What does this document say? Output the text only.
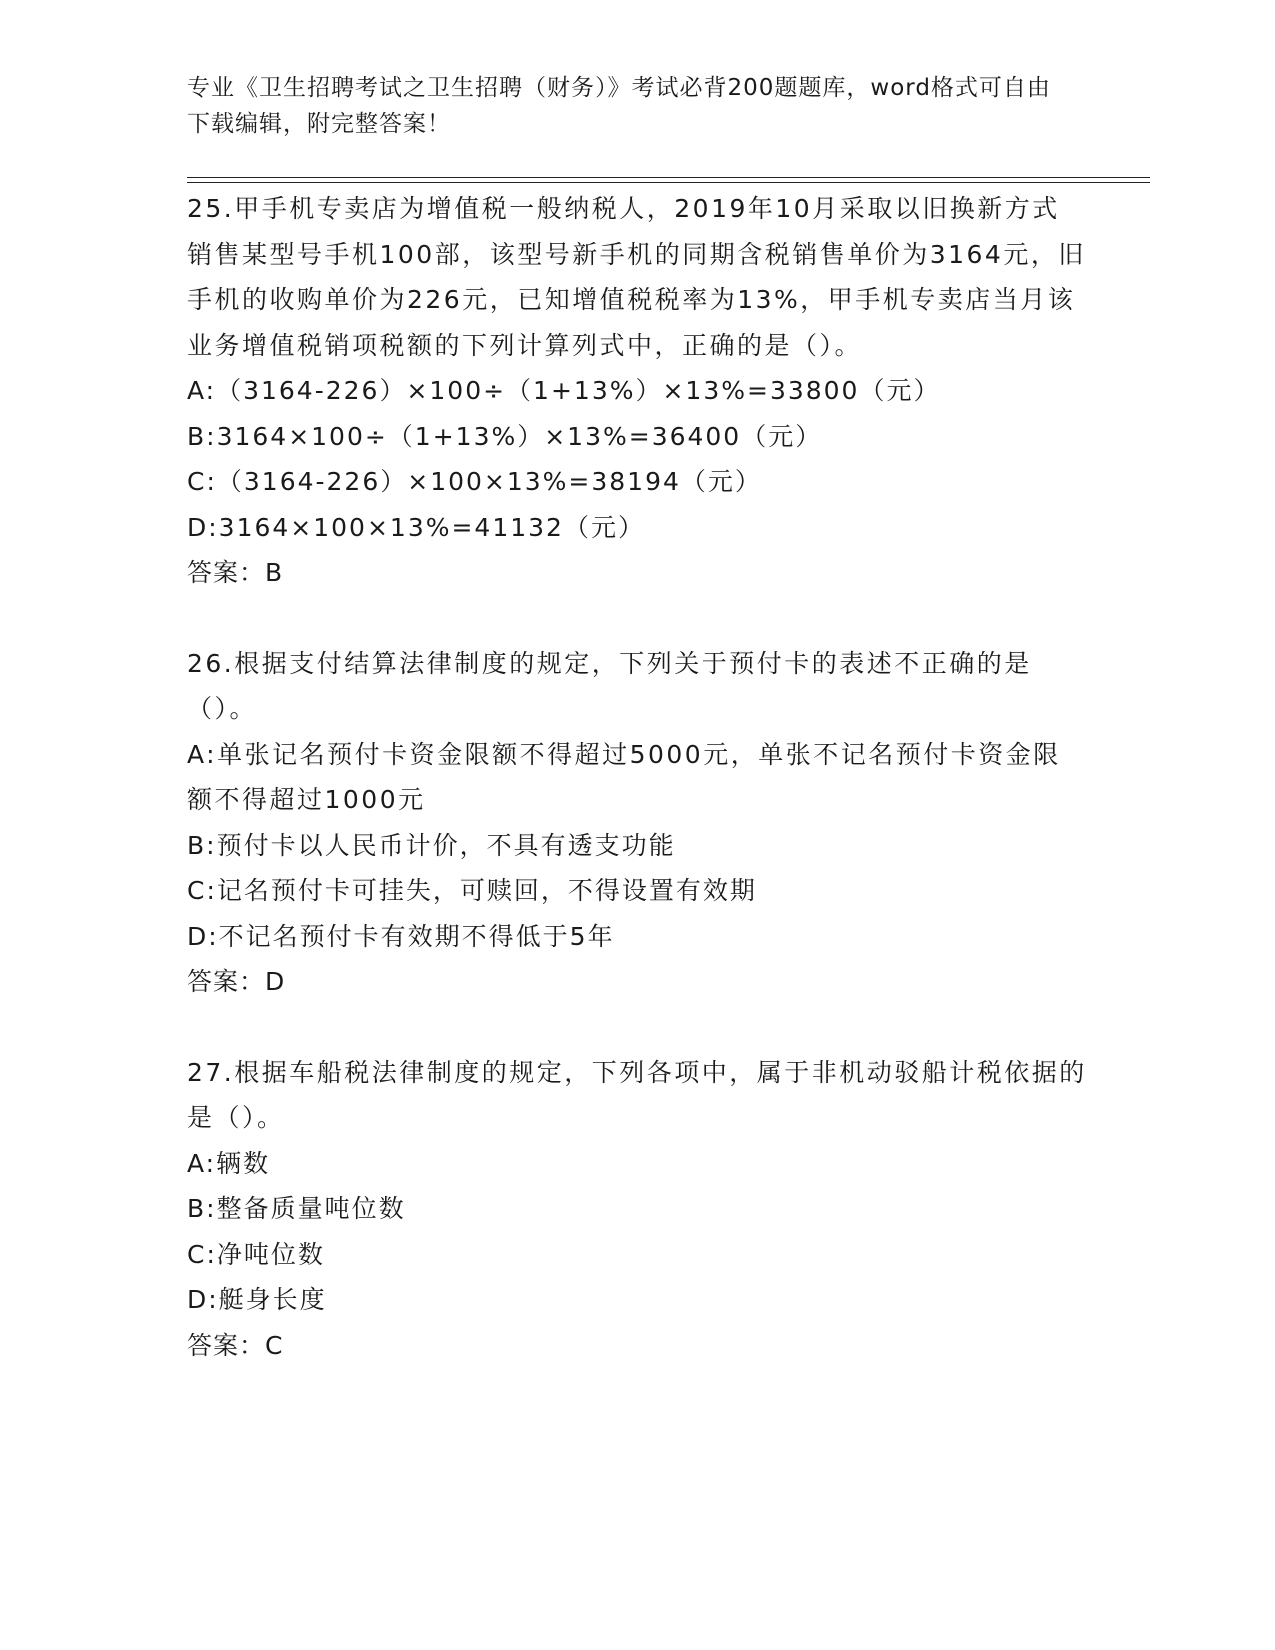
专业《卫生招聘考试之卫生招聘（财务）》考试必背200题题库，word格式可自由下载编辑，附完整答案！
25.甲手机专卖店为增值税一般纳税人，2019年10月采取以旧换新方式销售某型号手机100部，该型号新手机的同期含税销售单价为3164元，旧手机的收购单价为226元，已知增值税税率为13%，甲手机专卖店当月该业务增值税销项税额的下列计算列式中，正确的是（）。
A:（3164-226）×100÷（1+13%）×13%=33800（元）
B:3164×100÷（1+13%）×13%=36400（元）
C:（3164-226）×100×13%=38194（元）
D:3164×100×13%=41132（元）
答案：B
26.根据支付结算法律制度的规定，下列关于预付卡的表述不正确的是（）。
A:单张记名预付卡资金限额不得超过5000元，单张不记名预付卡资金限额不得超过1000元
B:预付卡以人民币计价，不具有透支功能
C:记名预付卡可挂失，可赎回，不得设置有效期
D:不记名预付卡有效期不得低于5年
答案：D
27.根据车船税法律制度的规定，下列各项中，属于非机动驳船计税依据的是（）。
A:辆数
B:整备质量吨位数
C:净吨位数
D:艇身长度
答案：C
